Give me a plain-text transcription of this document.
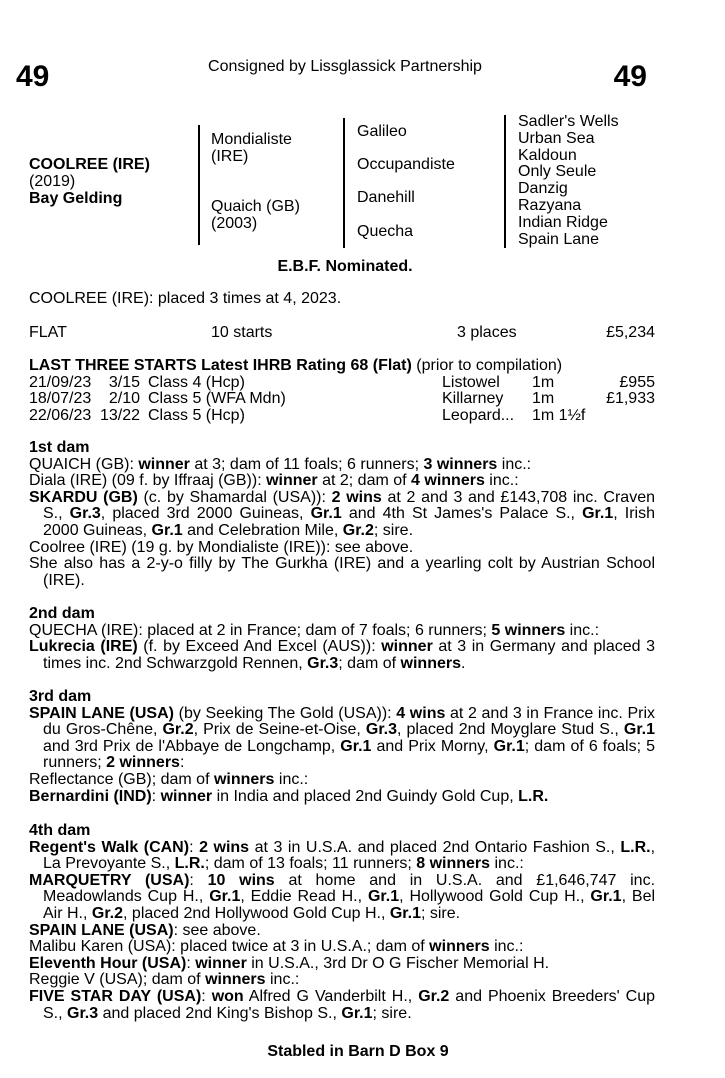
49	49
Consigned by Lissglassick Partnership
COOLREE (IRE)
(2019)
Bay Gelding
Mondialiste
(IRE)
Quaich (GB)
(2003)
Galileo
Occupandiste
Danehill
Quecha
Sadler's Wells
Urban Sea
Kaldoun
Only Seule
Danzig
Razyana
Indian Ridge
Spain Lane
E.B.F. Nominated.
COOLREE (IRE): placed 3 times at 4, 2023.
FLAT	10 starts	3 places	£5,234
LAST THREE STARTS Latest IHRB Rating 68 (Flat) (prior to compilation)
21/09/23	3/15 Class 4 (Hcp)	Listowel 1m	£955
18/07/23	2/10 Class 5 (WFA Mdn)	Killarney 1m	£1,933
22/06/23 13/22 Class 5 (Hcp)	Leopard... 1m 1½f

1st dam

QUAICH (GB): winner at 3; dam of 11 foals; 6 runners; 3 winners inc.:

Diala (IRE) (09 f. by Iffraaj (GB)): winner at 2; dam of 4 winners inc.:

SKARDU (GB) (c. by Shamardal (USA)): 2 wins at 2 and 3 and £143,708 inc. Craven S., Gr.3, placed 3rd 2000 Guineas, Gr.1 and 4th St James's Palace S., Gr.1, Irish 2000 Guineas, Gr.1 and Celebration Mile, Gr.2; sire.

Coolree (IRE) (19 g. by Mondialiste (IRE)): see above.

She also has a 2-y-o filly by The Gurkha (IRE) and a yearling colt by Austrian School (IRE).

2nd dam

QUECHA (IRE): placed at 2 in France; dam of 7 foals; 6 runners; 5 winners inc.:

Lukrecia (IRE) (f. by Exceed And Excel (AUS)): winner at 3 in Germany and placed 3 times inc. 2nd Schwarzgold Rennen, Gr.3; dam of winners.

3rd dam

SPAIN LANE (USA) (by Seeking The Gold (USA)): 4 wins at 2 and 3 in France inc. Prix du Gros-Chêne, Gr.2, Prix de Seine-et-Oise, Gr.3, placed 2nd Moyglare Stud S., Gr.1 and 3rd Prix de l'Abbaye de Longchamp, Gr.1 and Prix Morny, Gr.1; dam of 6 foals; 5 runners; 2 winners:

Reflectance (GB); dam of winners inc.:

Bernardini (IND): winner in India and placed 2nd Guindy Gold Cup, L.R.

4th dam

Regent's Walk (CAN): 2 wins at 3 in U.S.A. and placed 2nd Ontario Fashion S., L.R., La Prevoyante S., L.R.; dam of 13 foals; 11 runners; 8 winners inc.:

MARQUETRY (USA): 10 wins at home and in U.S.A. and £1,646,747 inc. Meadowlands Cup H., Gr.1, Eddie Read H., Gr.1, Hollywood Gold Cup H., Gr.1, Bel Air H., Gr.2, placed 2nd Hollywood Gold Cup H., Gr.1; sire.

SPAIN LANE (USA): see above.

Malibu Karen (USA): placed twice at 3 in U.S.A.; dam of winners inc.:

Eleventh Hour (USA): winner in U.S.A., 3rd Dr O G Fischer Memorial H.

Reggie V (USA); dam of winners inc.:

FIVE STAR DAY (USA): won Alfred G Vanderbilt H., Gr.2 and Phoenix Breeders' Cup S., Gr.3 and placed 2nd King's Bishop S., Gr.1; sire.

Stabled in Barn D Box 9
